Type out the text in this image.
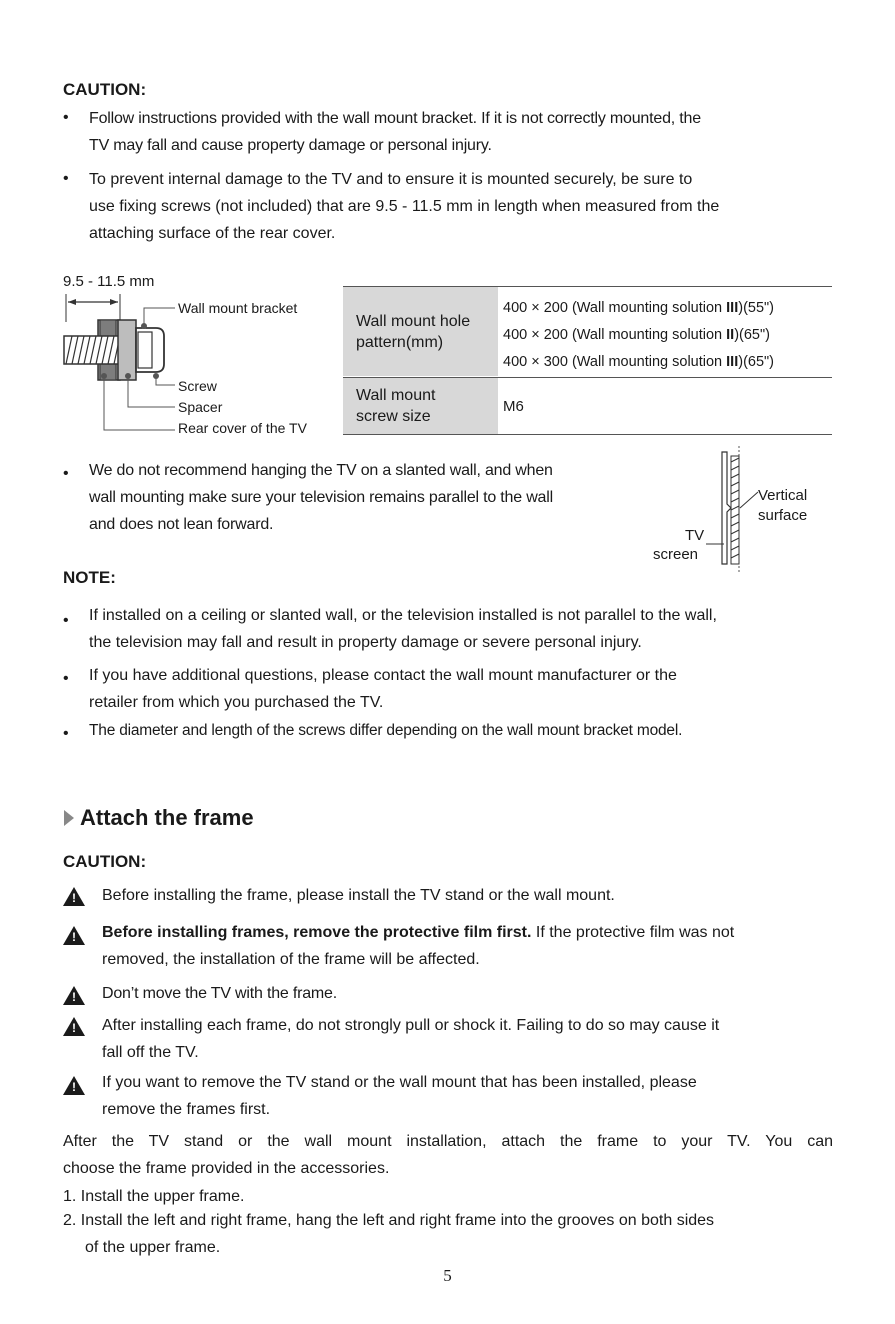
CAUTION:
• Follow instructions provided with the wall mount bracket. If it is not correctly mounted, the
TV may fall and cause property damage or personal injury.
• To prevent internal damage to the TV and to ensure it is mounted securely, be sure to
use fixing screws (not included) that are 9.5 - 11.5 mm in length when measured from the
attaching surface of the rear cover.
9.5 - 11.5 mm
Wall mount bracket
Screw
Spacer
Rear cover of the TV
Wall mount hole
pattern(mm)
400 × 200 (Wall mounting solution III)(55")
400 × 200 (Wall mounting solution II)(65")
400 × 300 (Wall mounting solution III)(65")
Wall mount
screw size
M6
• We do not recommend hanging the TV on a slanted wall, and when
wall mounting make sure your television remains parallel to the wall
and does not lean forward.
Vertical
surface
TV
screen
NOTE:
• If installed on a ceiling or slanted wall, or the television installed is not parallel to the wall,
the television may fall and result in property damage or severe personal injury.
• If you have additional questions, please contact the wall mount manufacturer or the
retailer from which you purchased the TV.
• The diameter and length of the screws differ depending on the wall mount bracket model.
Attach the frame
CAUTION:
! Before installing the frame, please install the TV stand or the wall mount.
! Before installing frames, remove the protective film first. If the protective film was not
removed, the installation of the frame will be affected.
! Don’t move the TV with the frame.
! After installing each frame, do not strongly pull or shock it. Failing to do so may cause it
fall off the TV.
! If you want to remove the TV stand or the wall mount that has been installed, please
remove the frames first.
After the TV stand or the wall mount installation, attach the frame to your TV. You can
choose the frame provided in the accessories.
1. Install the upper frame.
2. Install the left and right frame, hang the left and right frame into the grooves on both sides
of the upper frame.
5
